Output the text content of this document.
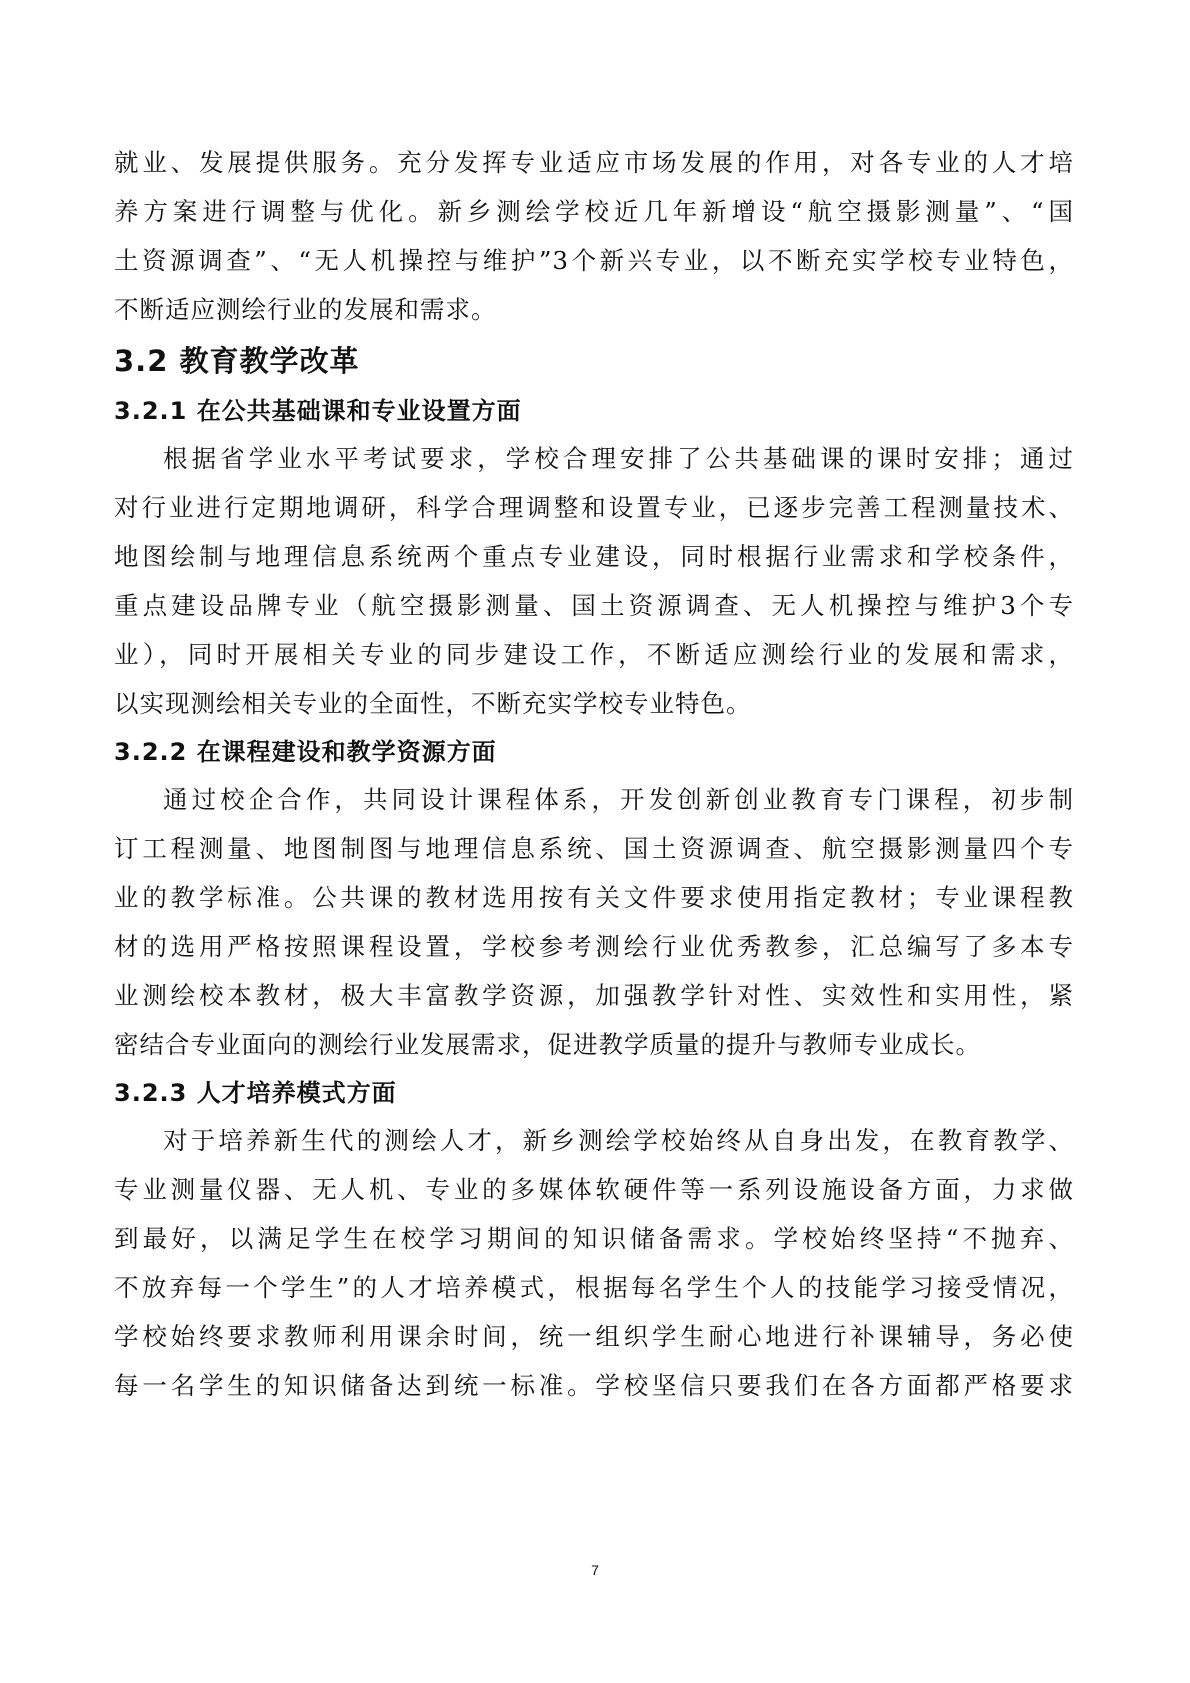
就业、发展提供服务。充分发挥专业适应市场发展的作用，对各专业的人才培
养方案进行调整与优化。新乡测绘学校近几年新增设“航空摄影测量”、“国
土资源调查”、“无人机操控与维护”3个新兴专业，以不断充实学校专业特色，
不断适应测绘行业的发展和需求。
3.2 教育教学改革
3.2.1 在公共基础课和专业设置方面
根据省学业水平考试要求，学校合理安排了公共基础课的课时安排；通过
对行业进行定期地调研，科学合理调整和设置专业，已逐步完善工程测量技术、
地图绘制与地理信息系统两个重点专业建设，同时根据行业需求和学校条件，
重点建设品牌专业（航空摄影测量、国土资源调查、无人机操控与维护3个专
业），同时开展相关专业的同步建设工作，不断适应测绘行业的发展和需求，
以实现测绘相关专业的全面性，不断充实学校专业特色。
3.2.2 在课程建设和教学资源方面
通过校企合作，共同设计课程体系，开发创新创业教育专门课程，初步制
订工程测量、地图制图与地理信息系统、国土资源调查、航空摄影测量四个专
业的教学标准。公共课的教材选用按有关文件要求使用指定教材；专业课程教
材的选用严格按照课程设置，学校参考测绘行业优秀教参，汇总编写了多本专
业测绘校本教材，极大丰富教学资源，加强教学针对性、实效性和实用性，紧
密结合专业面向的测绘行业发展需求，促进教学质量的提升与教师专业成长。
3.2.3 人才培养模式方面
对于培养新生代的测绘人才，新乡测绘学校始终从自身出发，在教育教学、
专业测量仪器、无人机、专业的多媒体软硬件等一系列设施设备方面，力求做
到最好，以满足学生在校学习期间的知识储备需求。学校始终坚持“不抛弃、
不放弃每一个学生”的人才培养模式，根据每名学生个人的技能学习接受情况，
学校始终要求教师利用课余时间，统一组织学生耐心地进行补课辅导，务必使
每一名学生的知识储备达到统一标准。学校坚信只要我们在各方面都严格要求
7
